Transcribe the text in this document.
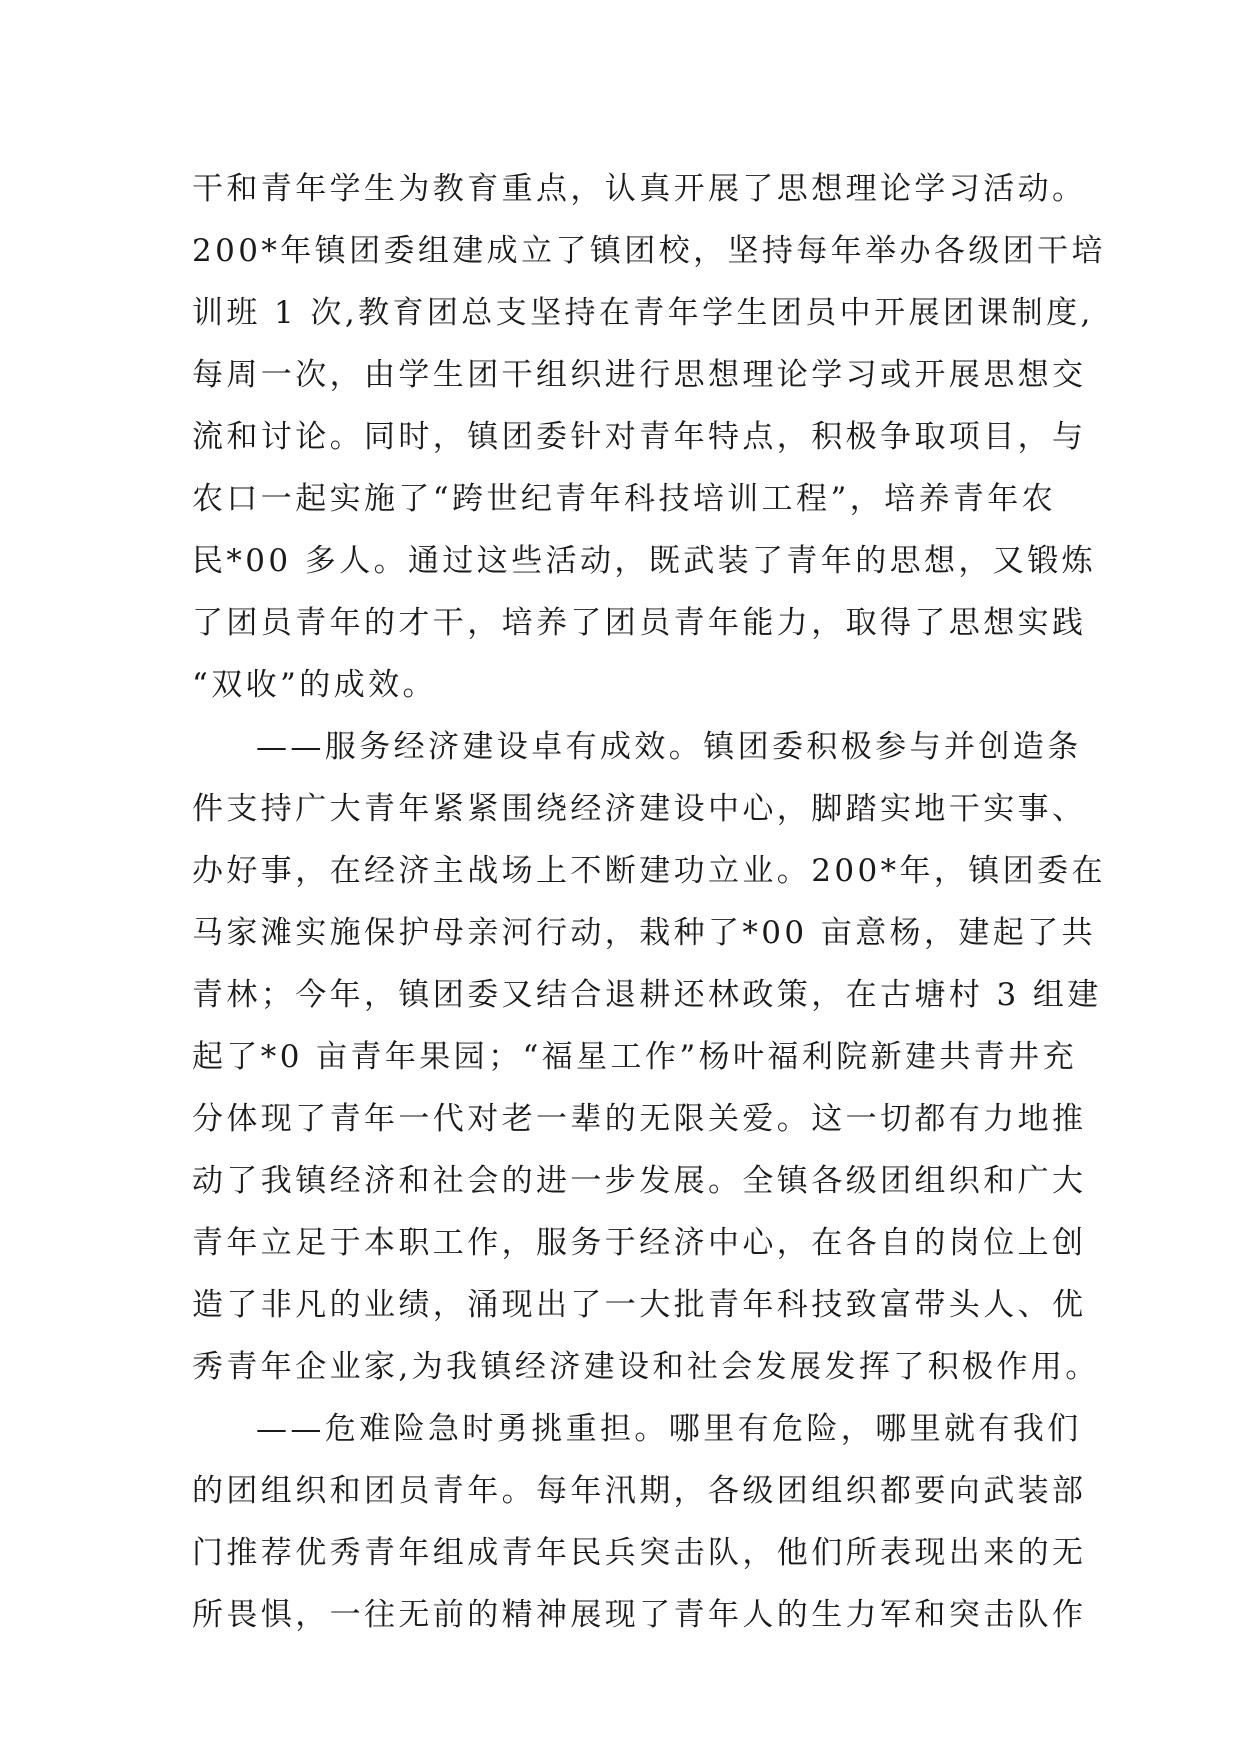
干和青年学生为教育重点，认真开展了思想理论学习活动。
200*年镇团委组建成立了镇团校，坚持每年举办各级团干培
训班 1 次,教育团总支坚持在青年学生团员中开展团课制度,
每周一次，由学生团干组织进行思想理论学习或开展思想交
流和讨论。同时，镇团委针对青年特点，积极争取项目，与
农口一起实施了“跨世纪青年科技培训工程”，培养青年农
民*00 多人。通过这些活动，既武装了青年的思想，又锻炼
了团员青年的才干，培养了团员青年能力，取得了思想实践
“双收”的成效。
——服务经济建设卓有成效。镇团委积极参与并创造条
件支持广大青年紧紧围绕经济建设中心，脚踏实地干实事、
办好事，在经济主战场上不断建功立业。200*年，镇团委在
马家滩实施保护母亲河行动，栽种了*00 亩意杨，建起了共
青林；今年，镇团委又结合退耕还林政策，在古塘村 3 组建
起了*0 亩青年果园；“福星工作”杨叶福利院新建共青井充
分体现了青年一代对老一辈的无限关爱。这一切都有力地推
动了我镇经济和社会的进一步发展。全镇各级团组织和广大
青年立足于本职工作，服务于经济中心，在各自的岗位上创
造了非凡的业绩，涌现出了一大批青年科技致富带头人、优
秀青年企业家,为我镇经济建设和社会发展发挥了积极作用。
——危难险急时勇挑重担。哪里有危险，哪里就有我们
的团组织和团员青年。每年汛期，各级团组织都要向武装部
门推荐优秀青年组成青年民兵突击队，他们所表现出来的无
所畏惧，一往无前的精神展现了青年人的生力军和突击队作
